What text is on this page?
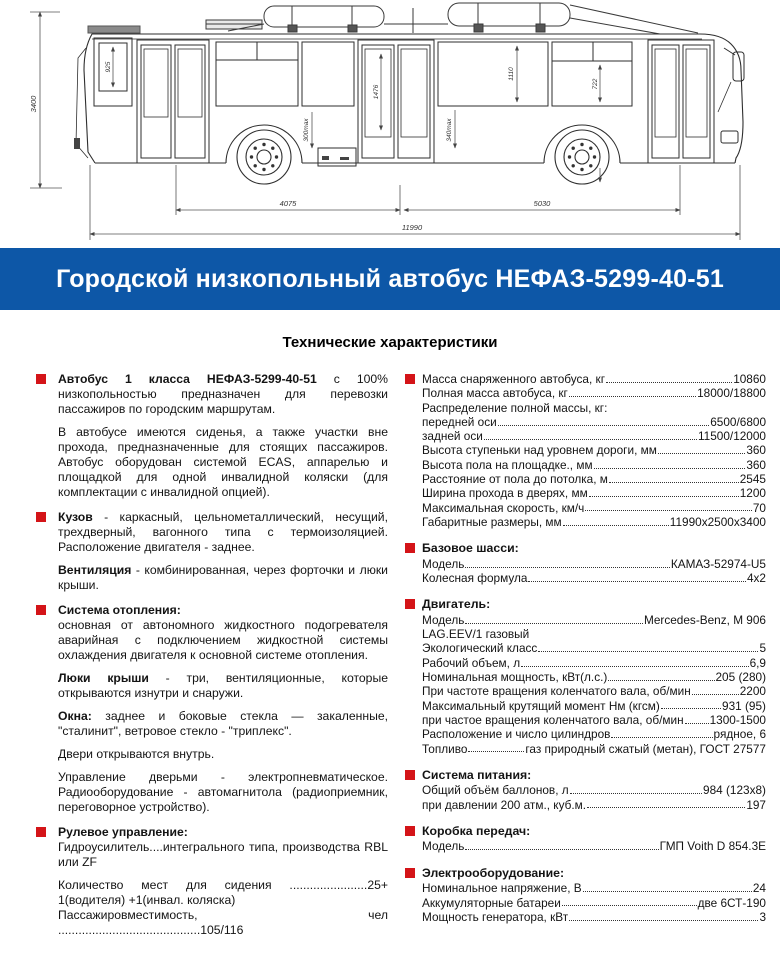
3400
925
1476
300max
1110
722
340max
4075	5030
11990
Городской низкопольный автобус НЕФАЗ-5299-40-51
Технические характеристики

Автобус 1 класса НЕФАЗ-5299-40-51 с 100% низкопольностью предназначен для перевозки пассажиров по городским маршрутам.

В автобусе имеются сиденья, а также участки вне прохода, предназначенные для стоящих пассажиров. Автобус оборудован системой ECAS, аппарелью и площадкой для одной инвалидной коляски (для комплектации с инвалидной опцией).

Кузов - каркасный, цельнометаллический, несущий, трехдверный, вагонного типа с термоизоляцией. Расположение двигателя - заднее.

Вентиляция - комбинированная, через форточки и люки крыши.

Система отопления:
основная от автономного жидкостного подогревателя аварийная с подключением жидкостной системы охлаждения двигателя к основной системе отопления.

Люки крыши - три, вентиляционные, которые открываются изнутри и снаружи.

Окна: заднее и боковые стекла — закаленные, "сталинит", ветровое стекло - "триплекс".

Двери открываются внутрь.

Управление дверьми - электропневматическое. Радиооборудование - автомагнитола (радиоприемник, переговорное устройство).

Рулевое управление:
Гидроусилитель....интегрального типа, производства RBL или ZF

Количество мест для сидения .......................25+ 1(водителя) +1(инвал. коляска)

Пассажировместимость, чел ..........................................105/116

Масса снаряженного автобуса, кг	10860
Полная масса автобуса, кг	18000/18800
Распределение полной массы, кг:
передней оси	6500/6800
задней оси	11500/12000
Высота ступеньки над уровнем дороги, мм	360
Высота пола на площадке., мм	360
Расстояние от пола до потолка, м	2545
Ширина прохода в дверях, мм	1200
Максимальная скорость, км/ч	70
Габаритные размеры, мм	11990x2500x3400
Базовое шасси:
Модель	КАМАЗ-52974-U5
Колесная формула	4x2
Двигатель:
Модель	Mercedes-Benz, M 906
LAG.EEV/1 газовый
Экологический класс	5
Рабочий объем, л	6,9
Номинальная мощность, кВт(л.с.)	205 (280)
При частоте вращения коленчатого вала, об/мин	2200
Максимальный крутящий момент Нм (кгсм)	931 (95)
при частое вращения коленчатого вала, об/мин 1300-1500
Расположение и число цилиндров	рядное, 6
Топливо	газ природный сжатый (метан), ГОСТ 27577
Система питания:
Общий объём баллонов, л	984 (123x8)
при давлении 200 атм., куб.м.	197
Коробка передач:
Модель	ГМП Voith D 854.3E
Электрооборудование:
Номинальное напряжение, В	24
Аккумуляторные батареи	две 6СТ-190
Мощность генератора, кВт	3
